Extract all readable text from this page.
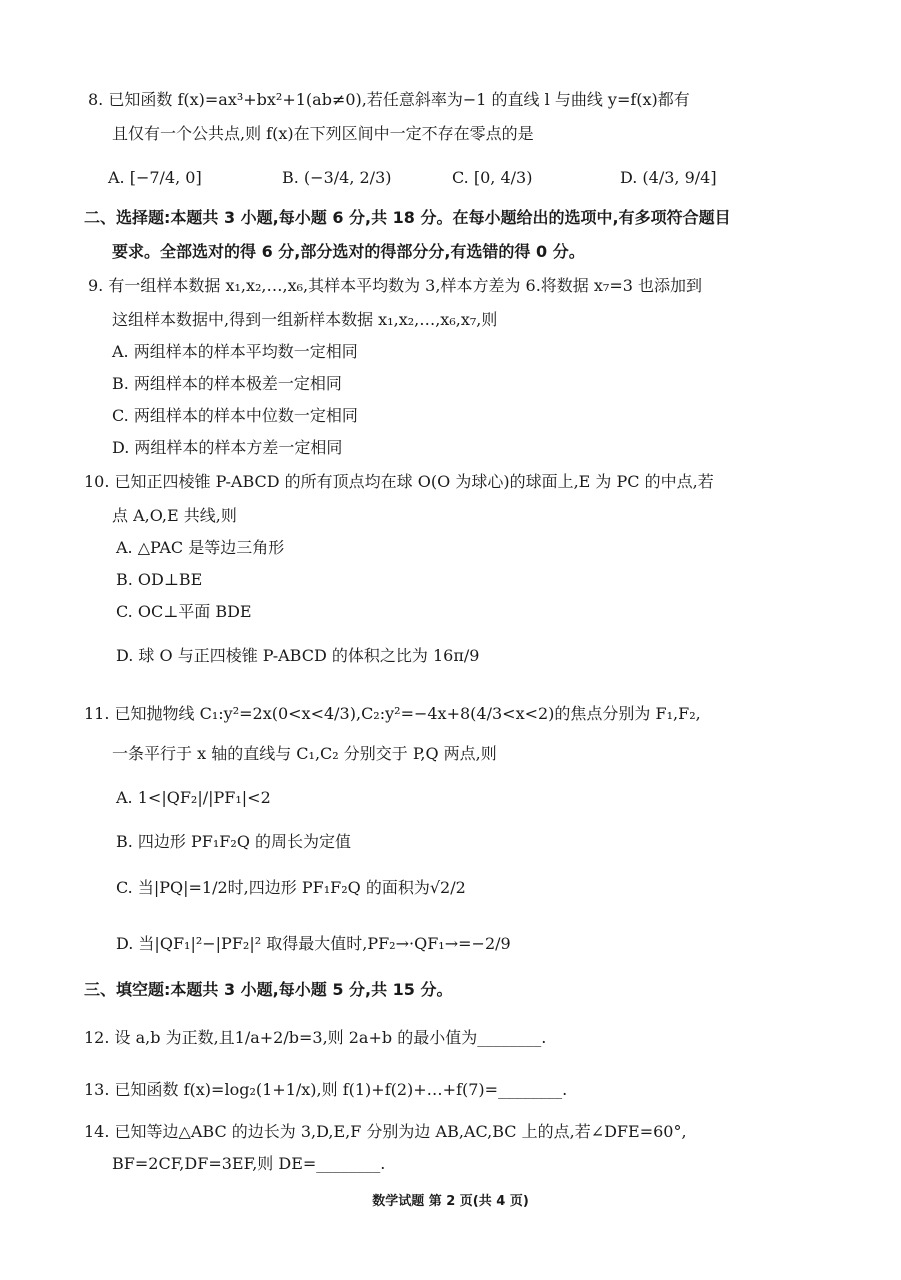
8. 已知函数 f(x)=ax³+bx²+1(ab≠0),若任意斜率为−1 的直线 l 与曲线 y=f(x)都有
且仅有一个公共点,则 f(x)在下列区间中一定不存在零点的是
A. [−7/4, 0]	B. (−3/4, 2/3)	C. [0, 4/3)	D. (4/3, 9/4]
二、选择题:本题共 3 小题,每小题 6 分,共 18 分。在每小题给出的选项中,有多项符合题目
要求。全部选对的得 6 分,部分选对的得部分分,有选错的得 0 分。
9. 有一组样本数据 x₁,x₂,…,x₆,其样本平均数为 3,样本方差为 6.将数据 x₇=3 也添加到
这组样本数据中,得到一组新样本数据 x₁,x₂,…,x₆,x₇,则
A. 两组样本的样本平均数一定相同
B. 两组样本的样本极差一定相同
C. 两组样本的样本中位数一定相同
D. 两组样本的样本方差一定相同
10. 已知正四棱锥 P-ABCD 的所有顶点均在球 O(O 为球心)的球面上,E 为 PC 的中点,若
点 A,O,E 共线,则
A. △PAC 是等边三角形
B. OD⊥BE
C. OC⊥平面 BDE
D. 球 O 与正四棱锥 P-ABCD 的体积之比为 16π/9
11. 已知抛物线 C₁:y²=2x(0<x<4/3),C₂:y²=−4x+8(4/3<x<2)的焦点分别为 F₁,F₂,
一条平行于 x 轴的直线与 C₁,C₂ 分别交于 P,Q 两点,则
A. 1<|QF₂|/|PF₁|<2
B. 四边形 PF₁F₂Q 的周长为定值
C. 当|PQ|=1/2时,四边形 PF₁F₂Q 的面积为√2/2
D. 当|QF₁|²−|PF₂|² 取得最大值时,PF₂→·QF₁→=−2/9
三、填空题:本题共 3 小题,每小题 5 分,共 15 分。
12. 设 a,b 为正数,且1/a+2/b=3,则 2a+b 的最小值为________.
13. 已知函数 f(x)=log₂(1+1/x),则 f(1)+f(2)+…+f(7)=________.
14. 已知等边△ABC 的边长为 3,D,E,F 分别为边 AB,AC,BC 上的点,若∠DFE=60°,
BF=2CF,DF=3EF,则 DE=________.
数学试题 第 2 页(共 4 页)
